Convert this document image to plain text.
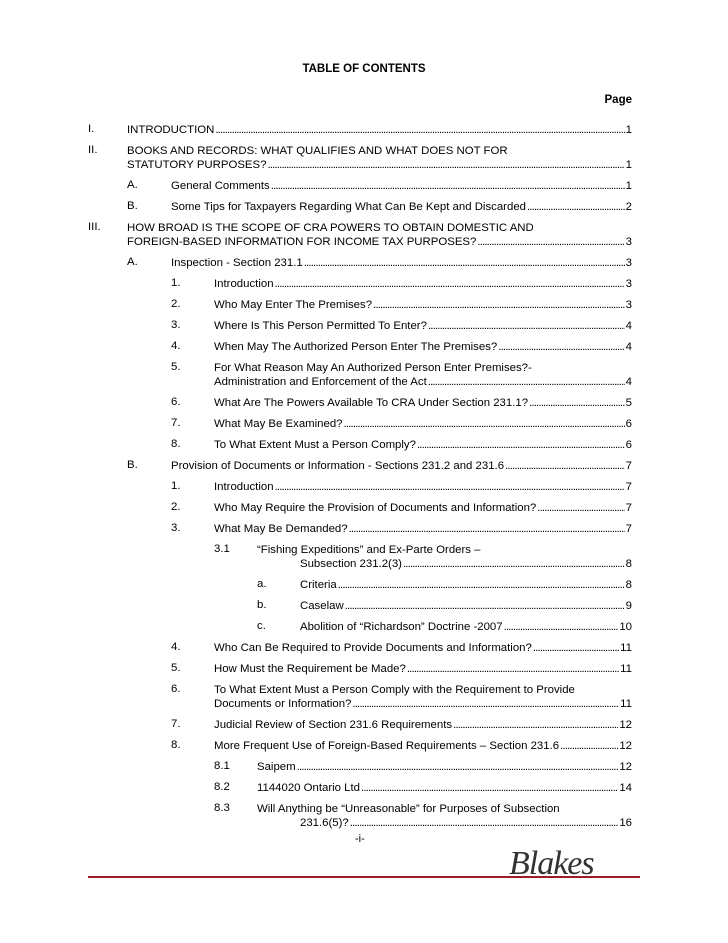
TABLE OF CONTENTS
Page
I.	INTRODUCTION . . .	1
II.	BOOKS AND RECORDS: WHAT QUALIFIES AND WHAT DOES NOT FOR
STATUTORY PURPOSES? . . .	1
A.	General Comments . . .	1
B.	Some Tips for Taxpayers Regarding What Can Be Kept and Discarded . . .	2
III. HOW BROAD IS THE SCOPE OF CRA POWERS TO OBTAIN DOMESTIC AND
FOREIGN-BASED INFORMATION FOR INCOME TAX PURPOSES? . . .	3
A.	Inspection - Section 231.1 . . .	3
1.	Introduction . . .	3
2.	Who May Enter The Premises? . . .	3
3.	Where Is This Person Permitted To Enter? . . .	4
4.	When May The Authorized Person Enter The Premises? . . .	4
5.	For What Reason May An Authorized Person Enter Premises?-
Administration and Enforcement of the Act . . .	4
6.	What Are The Powers Available To CRA Under Section 231.1? . . .	5
7.	What May Be Examined? . . .	6
8.	To What Extent Must a Person Comply? . . .	6
B.	Provision of Documents or Information - Sections 231.2 and 231.6 . . .	7
1.	Introduction . . .	7
2.	Who May Require the Provision of Documents and Information? . . .	7
3.	What May Be Demanded? . . .	7
3.1 “Fishing Expeditions” and Ex-Parte Orders –
Subsection 231.2(3) . . .	8
a.	Criteria . . .	8
b.	Caselaw . . .	9
c.	Abolition of “Richardson” Doctrine -2007 . . .	10
4.	Who Can Be Required to Provide Documents and Information? . . .	11
5.	How Must the Requirement be Made? . . .	11
6.	To What Extent Must a Person Comply with the Requirement to Provide
Documents or Information? . . .	11
7.	Judicial Review of Section 231.6 Requirements . . .	12
8.	More Frequent Use of Foreign-Based Requirements – Section 231.6 . . .	12
8.1 Saipem . . .	12
8.2 1144020 Ontario Ltd . . .	14
8.3 Will Anything be “Unreasonable” for Purposes of Subsection
231.6(5)? . . .	16
-i-
Blakes
